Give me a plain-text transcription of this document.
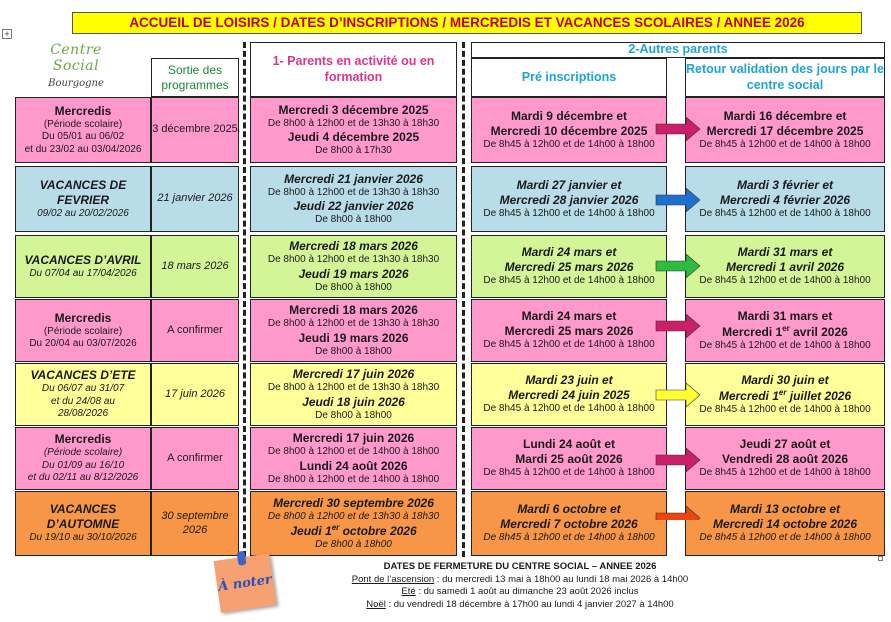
ACCUEIL DE LOISIRS / DATES D’INSCRIPTIONS / MERCREDIS ET VACANCES SCOLAIRES / ANNEE 2026
+
Centre Social
Bourgogne
Sortie des programmes
1- Parents en activité ou en formation
2-Autres parents
Pré inscriptions
Retour validation des jours par le centre social
Mercredis
(Période scolaire)
Du 05/01 au 06/02
et du 23/02 au 03/04/2026
3 décembre 2025
Mercredi 3 décembre 2025
De 8h00 à 12h00 et de 13h30 à 18h30
Jeudi 4 décembre 2025
De 8h00 à 17h30
Mardi 9 décembre et
Mercredi 10 décembre 2025
De 8h45 à 12h00 et de 14h00 à 18h00
Mardi 16 décembre et
Mercredi 17 décembre 2025
De 8h45 à 12h00 et de 14h00 à 18h00
VACANCES DE
FEVRIER
09/02 au 20/02/2026
21 janvier 2026
Mercredi 21 janvier 2026
De 8h00 à 12h00 et de 13h30 à 18h30
Jeudi 22 janvier 2026
De 8h00 à 18h00
Mardi 27 janvier et
Mercredi 28 janvier 2026
De 8h45 à 12h00 et de 14h00 à 18h00
Mardi 3 février et
Mercredi 4 février 2026
De 8h45 à 12h00 et de 14h00 à 18h00
VACANCES D’AVRIL
Du 07/04 au 17/04/2026
18 mars 2026
Mercredi 18 mars 2026
De 8h00 à 12h00 et de 13h30 à 18h30
Jeudi 19 mars 2026
De 8h00 à 18h00
Mardi 24 mars et
Mercredi 25 mars 2026
De 8h45 à 12h00 et de 14h00 à 18h00
Mardi 31 mars et
Mercredi 1 avril 2026
De 8h45 à 12h00 et de 14h00 à 18h00
Mercredis
(Période scolaire)
Du 20/04 au 03/07/2026
A confirmer
Mercredi 18 mars 2026
De 8h00 à 12h00 et de 13h30 à 18h30
Jeudi 19 mars 2026
De 8h00 à 18h00
Mardi 24 mars et
Mercredi 25 mars 2026
De 8h45 à 12h00 et de 14h00 à 18h00
Mardi 31 mars et
Mercredi 1er avril 2026
De 8h45 à 12h00 et de 14h00 à 18h00
VACANCES D’ETE
Du 06/07 au 31/07
et du 24/08 au
28/08/2026
17 juin 2026
Mercredi 17 juin 2026
De 8h00 à 12h00 et de 13h30 à 18h30
Jeudi 18 juin 2026
De 8h00 à 18h00
Mardi 23 juin et
Mercredi 24 juin 2025
De 8h45 à 12h00 et de 14h00 à 18h00
Mardi 30 juin et
Mercredi 1er juillet 2026
De 8h45 à 12h00 et de 14h00 à 18h00
Mercredis
(Période scolaire)
Du 01/09 au 16/10
et du 02/11 au 8/12/2026
A confirmer
Mercredi 17 juin 2026
De 8h00 à 12h00 et de 14h00 à 18h00
Lundi 24 août 2026
De 8h00 à 12h00 et de 14h00 à 18h00
Lundi 24 août et
Mardi 25 août 2026
De 8h45 à 12h00 et de 14h00 à 18h00
Jeudi 27 août et
Vendredi 28 août 2026
De 8h45 à 12h00 et de 14h00 à 18h00
VACANCES
D’AUTOMNE
Du 19/10 au 30/10/2026
30 septembre 2026
Mercredi 30 septembre 2026
De 8h00 à 12h00 et de 13h30 à 18h30
Jeudi 1er octobre 2026
De 8h00 à 18h00
Mardi 6 octobre et
Mercredi 7 octobre 2026
De 8h45 à 12h00 et de 14h00 à 18h00
Mardi 13 octobre et
Mercredi 14 octobre 2026
De 8h45 à 12h00 et de 14h00 à 18h00
À noter
DATES DE FERMETURE DU CENTRE SOCIAL – ANNEE 2026
Pont de l’ascension : du mercredi 13 mai à 18h00 au lundi 18 mai 2026 à 14h00
Eté : du samedi 1 août au dimanche 23 août 2026 inclus
Noël : du vendredi 18 décembre à 17h00 au lundi 4 janvier 2027 à 14h00
